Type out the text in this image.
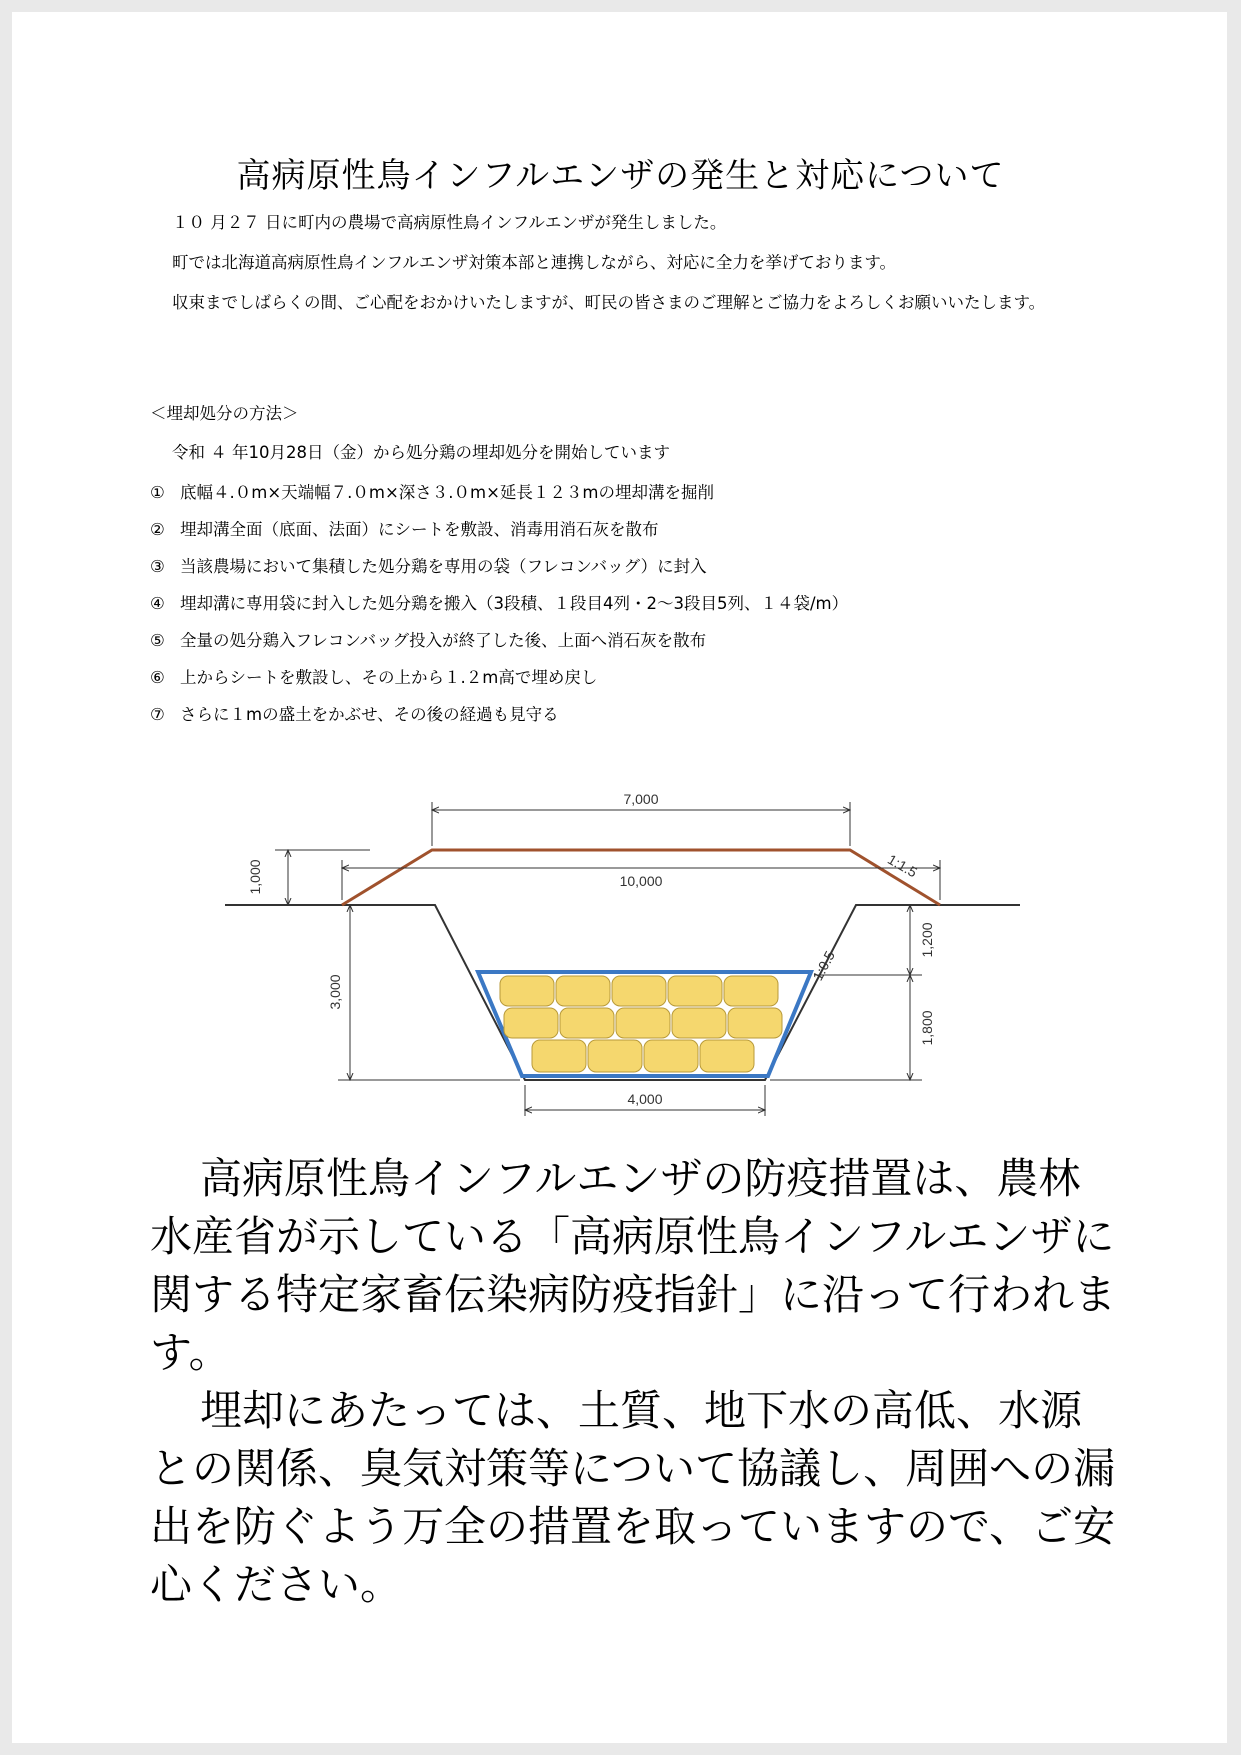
高病原性鳥インフルエンザの発生と対応について

１０ 月２７ 日に町内の農場で高病原性鳥インフルエンザが発生しました。

町では北海道高病原性鳥インフルエンザ対策本部と連携しながら、対応に全力を挙げております。

収束までしばらくの間、ご心配をおかけいたしますが、町民の皆さまのご理解とご協力をよろしくお願いいたします。

＜埋却処分の方法＞

令和 ４ 年10月28日（金）から処分鶏の埋却処分を開始しています

① 底幅４.０m×天端幅７.０m×深さ３.０m×延長１２３mの埋却溝を掘削
② 埋却溝全面（底面、法面）にシートを敷設、消毒用消石灰を散布
③ 当該農場において集積した処分鶏を専用の袋（フレコンバッグ）に封入
④ 埋却溝に専用袋に封入した処分鶏を搬入（3段積、１段目4列・2～3段目5列、１４袋/m）
⑤ 全量の処分鶏入フレコンバッグ投入が終了した後、上面へ消石灰を散布
⑥ 上からシートを敷設し、その上から１.２m高で埋め戻し
⑦ さらに１mの盛土をかぶせ、その後の経過も見守る
7,000
10,000
1,000
3,000
1,200
1,800
4,000
1:1.5
1:0.5

高病原性鳥インフルエンザの防疫措置は、農林水産省が示している「高病原性鳥インフルエンザに関する特定家畜伝染病防疫指針」に沿って行われます。

埋却にあたっては、土質、地下水の高低、水源との関係、臭気対策等について協議し、周囲への漏出を防ぐよう万全の措置を取っていますので、ご安心ください。
